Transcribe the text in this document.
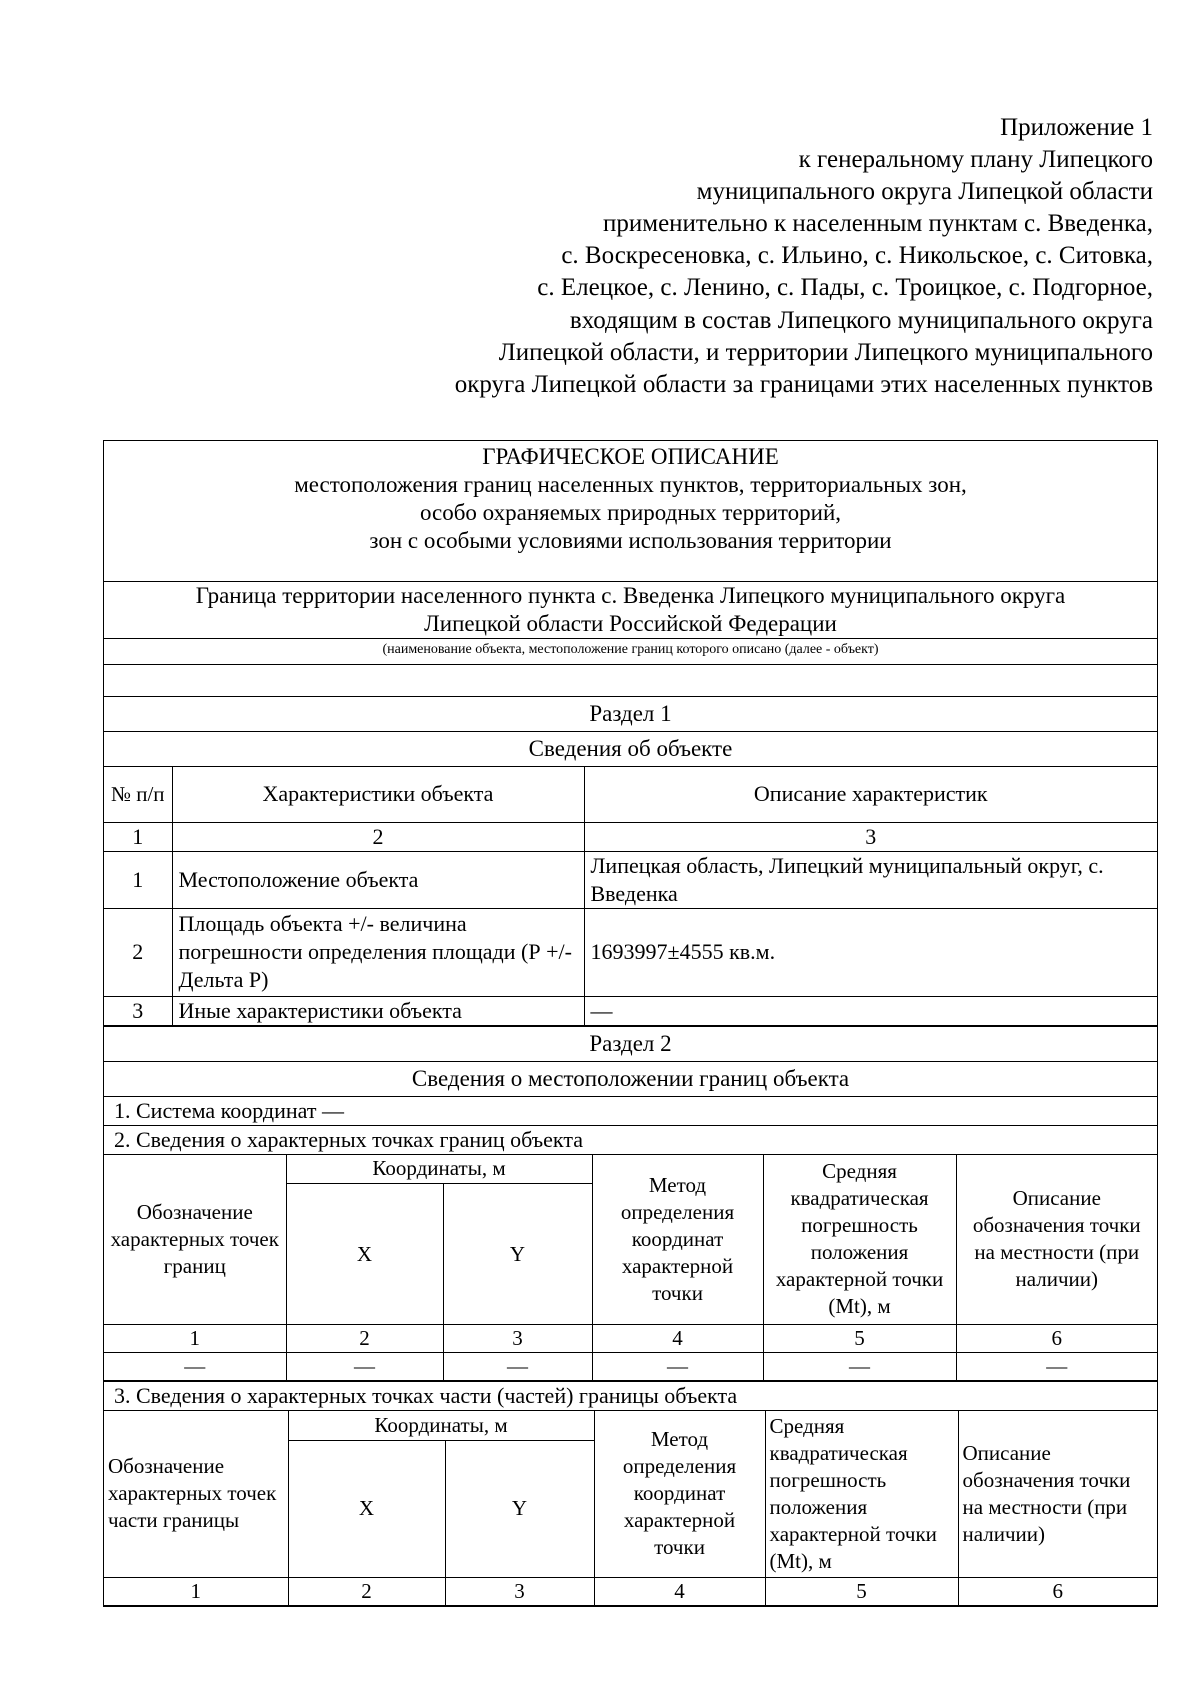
Приложение 1
к генеральному плану Липецкого
муниципального округа Липецкой области
применительно к населенным пунктам с. Введенка,
с. Воскресеновка, с. Ильино, с. Никольское, с. Ситовка,
с. Елецкое, с. Ленино, с. Пады, с. Троицкое, с. Подгорное,
входящим в состав Липецкого муниципального округа
Липецкой области, и территории Липецкого муниципального
округа Липецкой области за границами этих населенных пунктов
ГРАФИЧЕСКОЕ ОПИСАНИЕ
местоположения границ населенных пунктов, территориальных зон,
особо охраняемых природных территорий,
зон с особыми условиями использования территории
Граница территории населенного пункта с. Введенка Липецкого муниципального округа
Липецкой области Российской Федерации
(наименование объекта, местоположение границ которого описано (далее - объект)
Раздел 1
Сведения об объекте
№ п/п	Характеристики объекта	Описание характеристик
1	2	3
1	Местоположение объекта	Липецкая область, Липецкий муниципальный округ, с. Введенка
2	Площадь объекта +/- величина погрешности определения площади (Р +/- Дельта Р)	1693997±4555 кв.м.
3	Иные характеристики объекта	—
Раздел 2
Сведения о местоположении границ объекта
1. Система координат —
2. Сведения о характерных точках границ объекта
Обозначение характерных точек границ	Координаты, м		Метод определения координат характерной точки	Средняя квадратическая погрешность положения характерной точки (Mt), м	Описание обозначения точки на местности (при наличии)
	X	Y			
1	2	3	4	5	6
—	—	—	—	—	—
3. Сведения о характерных точках части (частей) границы объекта
Обозначение характерных точек части границы	Координаты, м		Метод определения координат характерной точки	Средняя квадратическая погрешность положения характерной точки (Mt), м	Описание обозначения точки на местности (при наличии)
	X	Y			
1	2	3	4	5	6
